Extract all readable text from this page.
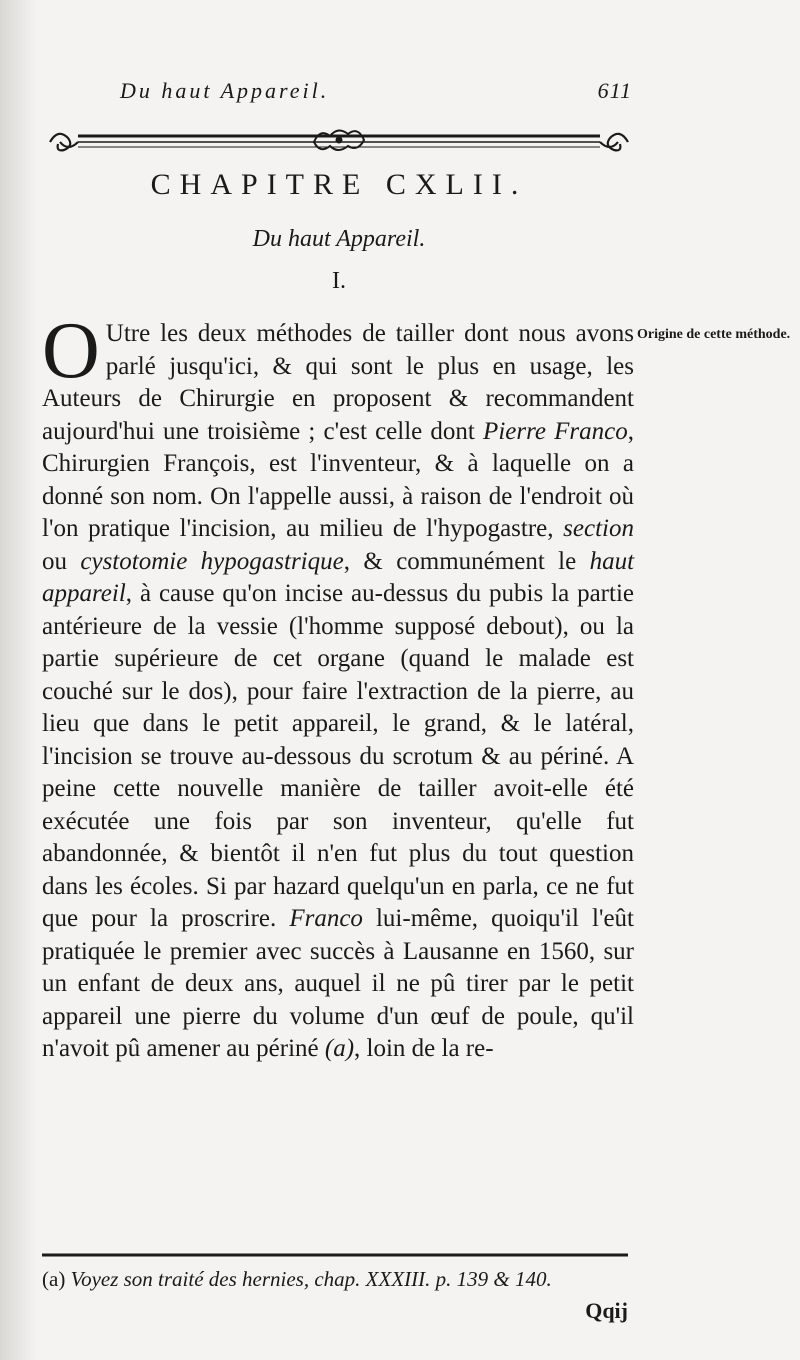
Du haut Appareil.	611
CHAPITRE CXLII.
Du haut Appareil.
I.
O Utre les deux méthodes de tailler dont nous avons parlé jusqu'ici, & qui sont le plus en usage, les Auteurs de Chirurgie en proposent & recommandent aujourd'hui une troisième ; c'est celle dont Pierre Franco, Chirurgien François, est l'inventeur, & à laquelle on a donné son nom. On l'appelle aussi, à raison de l'endroit où l'on pratique l'incision, au milieu de l'hypogastre, section ou cystotomie hypogastrique, & communément le haut appareil, à cause qu'on incise au-dessus du pubis la partie antérieure de la vessie (l'homme supposé debout), ou la partie supérieure de cet organe (quand le malade est couché sur le dos), pour faire l'extraction de la pierre, au lieu que dans le petit appareil, le grand, & le latéral, l'incision se trouve au-dessous du scrotum & au périné. A peine cette nouvelle manière de tailler avoit-elle été exécutée une fois par son inventeur, qu'elle fut abandonnée, & bientôt il n'en fut plus du tout question dans les écoles. Si par hazard quelqu'un en parla, ce ne fut que pour la proscrire. Franco lui-même, quoiqu'il l'eût pratiquée le premier avec succès à Lausanne en 1560, sur un enfant de deux ans, auquel il ne pû tirer par le petit appareil une pierre du volume d'un œuf de poule, qu'il n'avoit pû amener au périné (a), loin de la re-
Origine de cette méthode.
(a) Voyez son traité des hernies, chap. XXXIII. p. 139 & 140.
Qqij
